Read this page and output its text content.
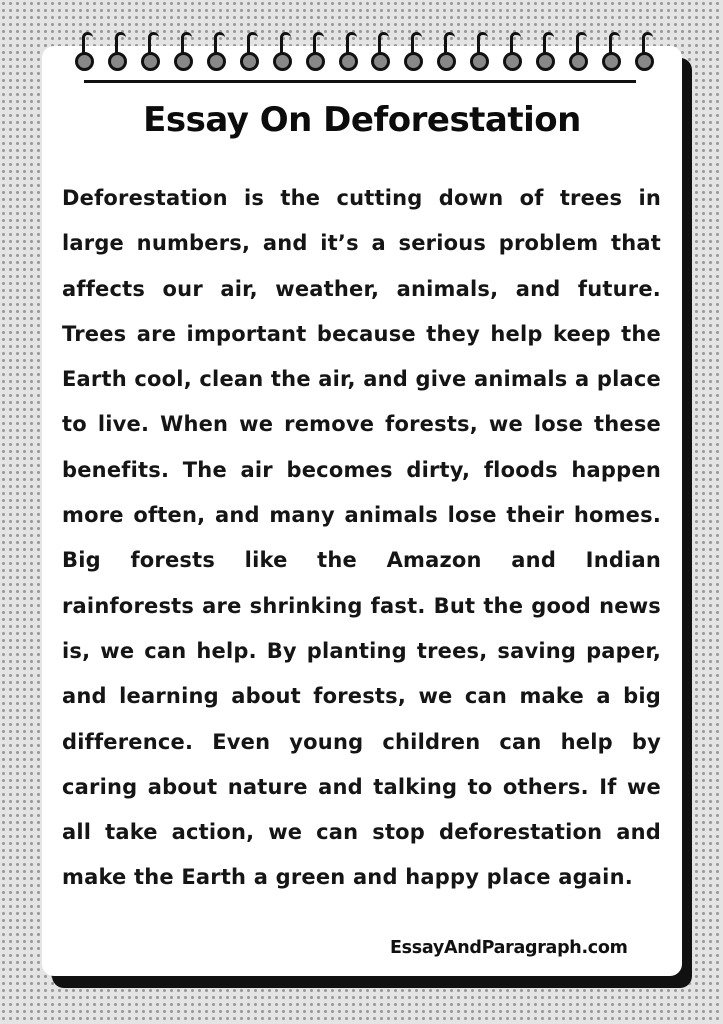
Essay On Deforestation

Deforestation is the cutting down of trees in large numbers, and it’s a serious problem that affects our air, weather, animals, and future. Trees are important because they help keep the Earth cool, clean the air, and give animals a place to live. When we remove forests, we lose these benefits. The air becomes dirty, floods happen more often, and many animals lose their homes. Big forests like the Amazon and Indian rainforests are shrinking fast. But the good news is, we can help. By planting trees, saving paper, and learning about forests, we can make a big difference. Even young children can help by caring about nature and talking to others. If we all take action, we can stop deforestation and make the Earth a green and happy place again.

EssayAndParagraph.com
